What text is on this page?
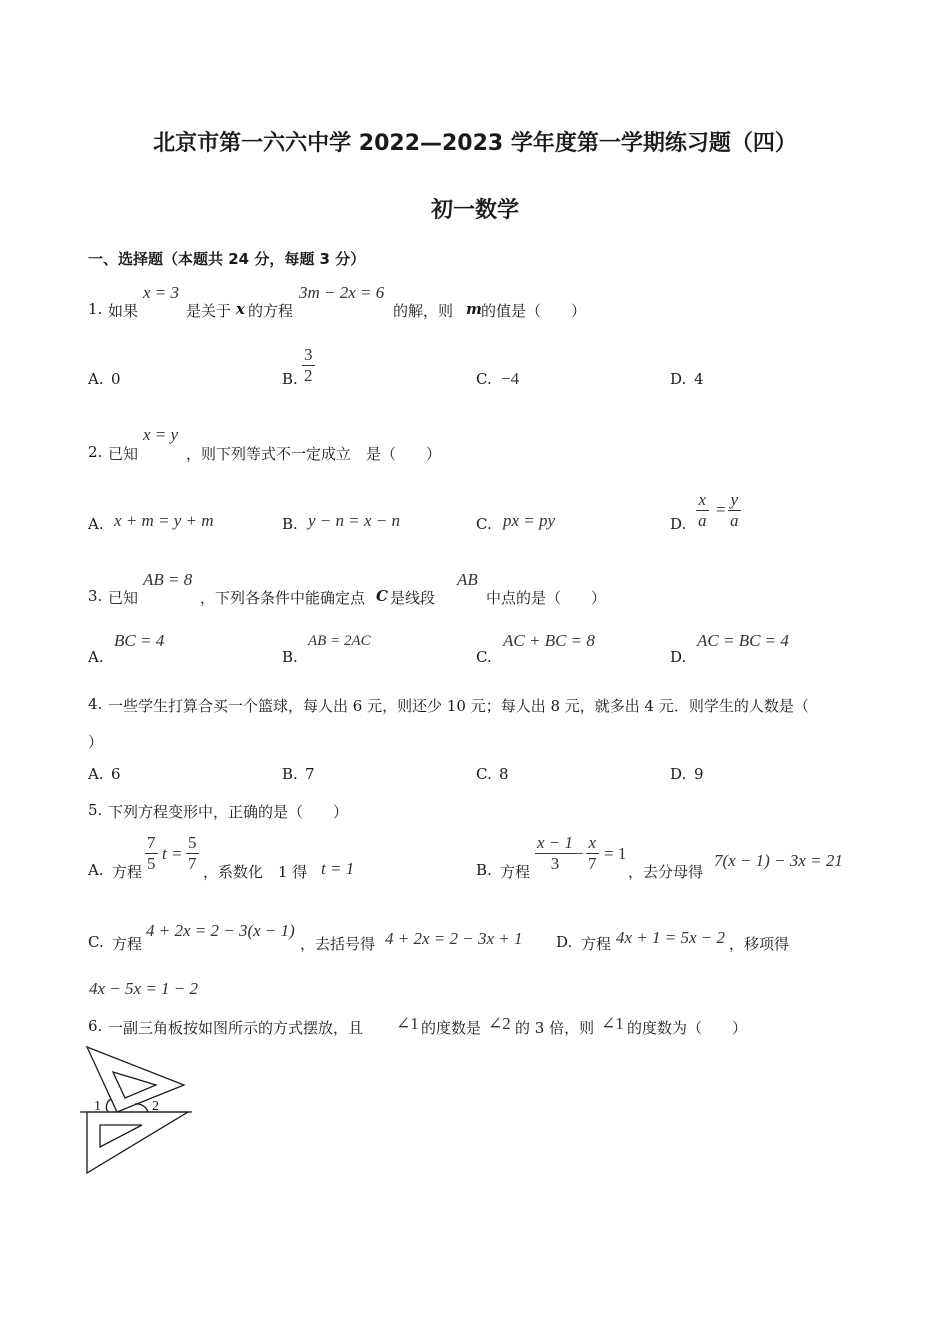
北京市第一六六中学 2022—2023 学年度第一学期练习题（四）
初一数学
一、选择题（本题共 24 分，每题 3 分）
1. 如果
x = 3
是关于 x 的方程
3m − 2x = 6
的解，则 m 的值是（　　）
A. 0	B. $\frac{3}{2}$	C. −4	D. 4
2. 已知
x = y
，则下列等式不一定成立　是（　　）
A. x + m = y + m	B. y − n = x − n	C. px = py	D. $\frac{x}{a} = \frac{y}{a}$
3. 已知
AB = 8
，下列各条件中能确定点 C 是线段
AB
中点的是（　　）
A.
BC = 4
B.
AB = 2AC
C.
AC + BC = 8
D.
AC = BC = 4
4. 一些学生打算合买一个篮球，每人出 6 元，则还少 10 元；每人出 8 元，就多出 4 元．则学生的人数是（
）
A. 6	B. 7	C. 8	D. 9
5. 下列方程变形中，正确的是（　　）
A. 方程 $\frac{7}{5}$ $t = \frac{5}{7}$ ，系数化　1 得 t = 1	B. 方程 $\frac{x - 1}{3}$
− $\frac{x}{7} = 1$
，去分母得
7(x − 1) − 3x = 21
C. 方程
4 + 2x = 2 − 3(x − 1)
，去括号得 4 + 2x = 2 − 3x + 1 D. 方程 4x + 1 = 5x − 2 ，移项得
4x − 5x = 1 − 2
6. 一副三角板按如图所示的方式摆放，且 ∠1 的度数是 ∠2 的 3 倍，则 ∠1 的度数为（　　）
1	2
